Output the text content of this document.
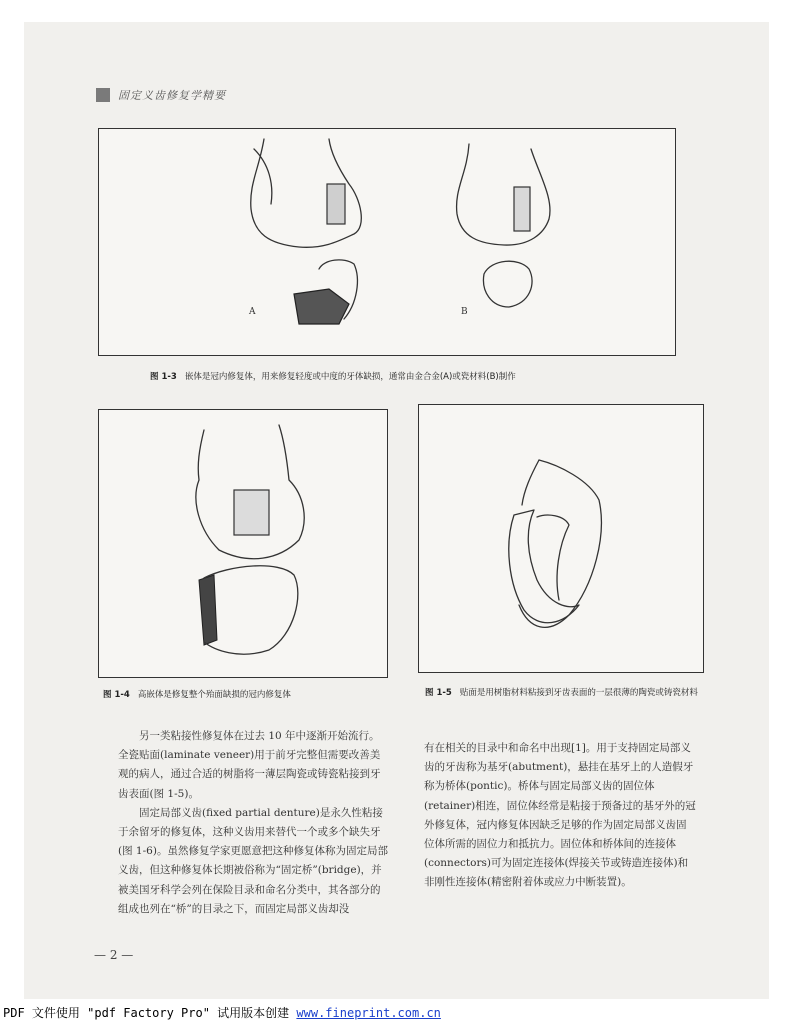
固定义齿修复学精要
A	B
图 1-3 嵌体是冠内修复体，用来修复轻度或中度的牙体缺损，通常由金合金(A)或瓷材料(B)制作
图 1-4 高嵌体是修复整个殆面缺损的冠内修复体	图 1-5 贴面是用树脂材料粘接到牙齿表面的一层很薄的陶瓷或铸瓷材料

另一类粘接性修复体在过去 10 年中逐渐开始流行。全瓷贴面(laminate veneer)用于前牙完整但需要改善美观的病人，通过合适的树脂将一薄层陶瓷或铸瓷粘接到牙齿表面(图 1-5)。

固定局部义齿(fixed partial denture)是永久性粘接于余留牙的修复体，这种义齿用来替代一个或多个缺失牙(图 1-6)。虽然修复学家更愿意把这种修复体称为固定局部义齿，但这种修复体长期被俗称为“固定桥”(bridge)，并被美国牙科学会列在保险目录和命名分类中，其各部分的组成也列在“桥”的目录之下，而固定局部义齿却没

有在相关的目录中和命名中出现[1]。用于支持固定局部义齿的牙齿称为基牙(abutment)，悬挂在基牙上的人造假牙称为桥体(pontic)。桥体与固定局部义齿的固位体(retainer)相连，固位体经常是粘接于预备过的基牙外的冠外修复体，冠内修复体因缺乏足够的作为固定局部义齿固位体所需的固位力和抵抗力。固位体和桥体间的连接体(connectors)可为固定连接体(焊接关节或铸造连接体)和非刚性连接体(精密附着体或应力中断装置)。

— 2 —
PDF 文件使用 "pdf Factory Pro" 试用版本创建 www.fineprint.com.cn
